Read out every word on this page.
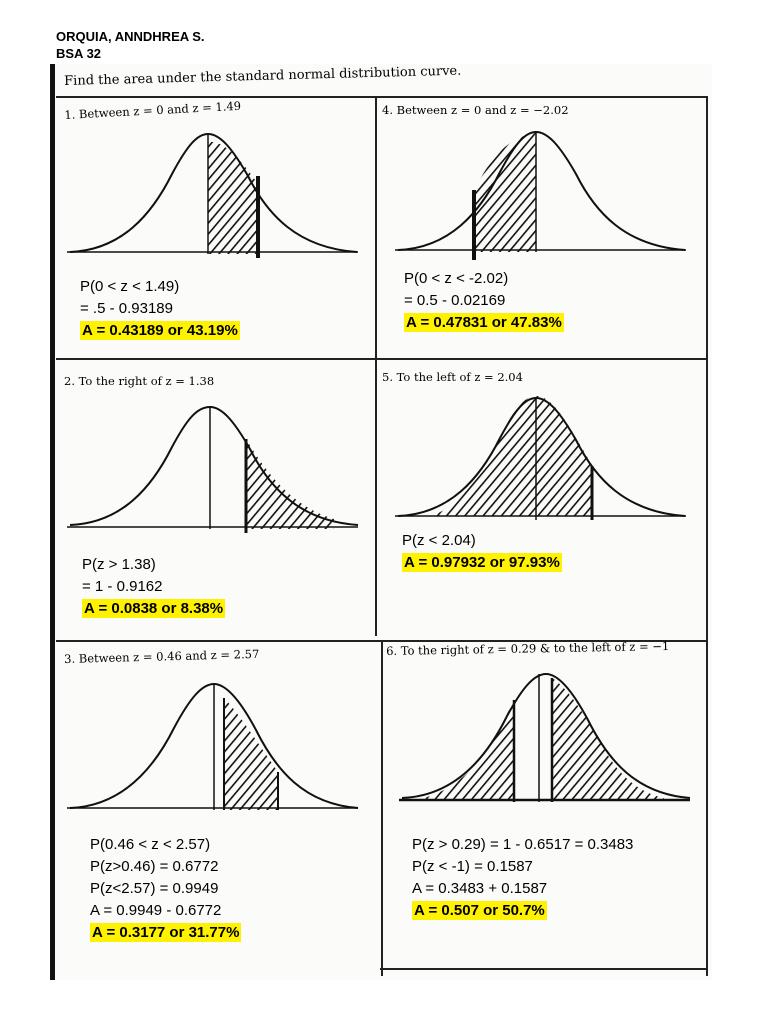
ORQUIA, ANNDHREA S.
BSA 32
Find the area under the standard normal distribution curve.
1. Between z = 0 and z = 1.49
P(0 < z < 1.49)
= .5 - 0.93189
A = 0.43189 or 43.19%
4. Between z = 0 and z = −2.02
P(0 < z < -2.02)
= 0.5 - 0.02169
A = 0.47831 or 47.83%
2. To the right of z = 1.38
P(z > 1.38)
= 1 - 0.9162
A = 0.0838 or 8.38%
5. To the left of z = 2.04
P(z < 2.04)
A = 0.97932 or 97.93%
3. Between z = 0.46 and z = 2.57
P(0.46 < z < 2.57)
P(z>0.46) = 0.6772
P(z<2.57) = 0.9949
A = 0.9949 - 0.6772
A = 0.3177 or 31.77%
6. To the right of z = 0.29 & to the left of z = −1
P(z > 0.29) = 1 - 0.6517 = 0.3483
P(z < -1) = 0.1587
A = 0.3483 + 0.1587
A = 0.507 or 50.7%
